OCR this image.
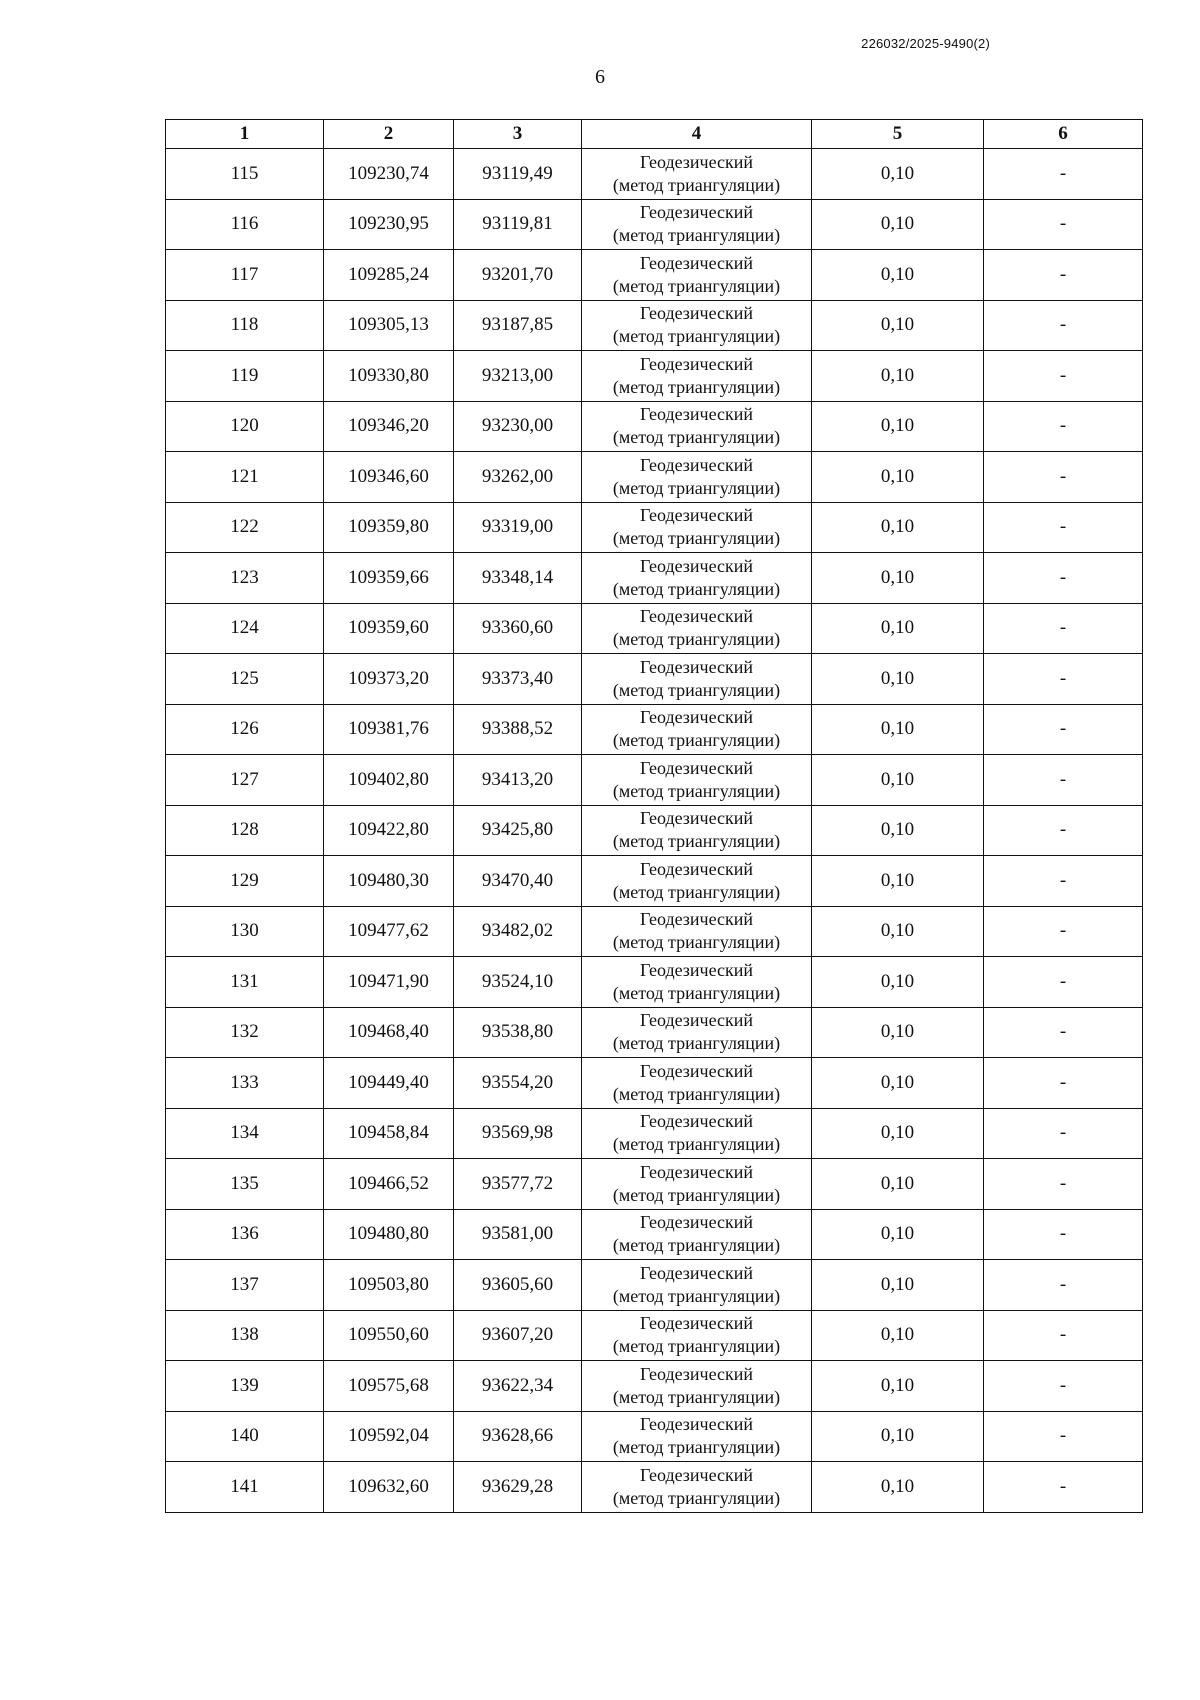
226032/2025-9490(2)
6
1	2	3	4	5	6
115	109230,74	93119,49	Геодезический
(метод триангуляции)	0,10	-
116	109230,95	93119,81	Геодезический
(метод триангуляции)	0,10	-
117	109285,24	93201,70	Геодезический
(метод триангуляции)	0,10	-
118	109305,13	93187,85	Геодезический
(метод триангуляции)	0,10	-
119	109330,80	93213,00	Геодезический
(метод триангуляции)	0,10	-
120	109346,20	93230,00	Геодезический
(метод триангуляции)	0,10	-
121	109346,60	93262,00	Геодезический
(метод триангуляции)	0,10	-
122	109359,80	93319,00	Геодезический
(метод триангуляции)	0,10	-
123	109359,66	93348,14	Геодезический
(метод триангуляции)	0,10	-
124	109359,60	93360,60	Геодезический
(метод триангуляции)	0,10	-
125	109373,20	93373,40	Геодезический
(метод триангуляции)	0,10	-
126	109381,76	93388,52	Геодезический
(метод триангуляции)	0,10	-
127	109402,80	93413,20	Геодезический
(метод триангуляции)	0,10	-
128	109422,80	93425,80	Геодезический
(метод триангуляции)	0,10	-
129	109480,30	93470,40	Геодезический
(метод триангуляции)	0,10	-
130	109477,62	93482,02	Геодезический
(метод триангуляции)	0,10	-
131	109471,90	93524,10	Геодезический
(метод триангуляции)	0,10	-
132	109468,40	93538,80	Геодезический
(метод триангуляции)	0,10	-
133	109449,40	93554,20	Геодезический
(метод триангуляции)	0,10	-
134	109458,84	93569,98	Геодезический
(метод триангуляции)	0,10	-
135	109466,52	93577,72	Геодезический
(метод триангуляции)	0,10	-
136	109480,80	93581,00	Геодезический
(метод триангуляции)	0,10	-
137	109503,80	93605,60	Геодезический
(метод триангуляции)	0,10	-
138	109550,60	93607,20	Геодезический
(метод триангуляции)	0,10	-
139	109575,68	93622,34	Геодезический
(метод триангуляции)	0,10	-
140	109592,04	93628,66	Геодезический
(метод триангуляции)	0,10	-
141	109632,60	93629,28	Геодезический
(метод триангуляции)	0,10	-
